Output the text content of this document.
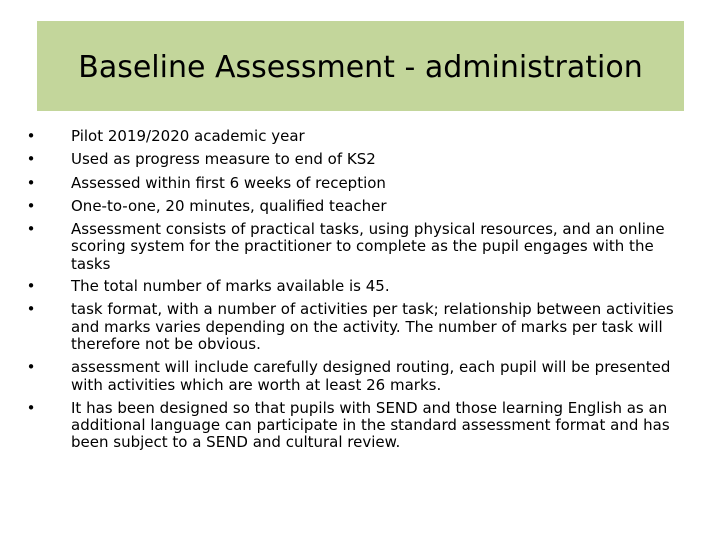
Baseline Assessment - administration
• Pilot 2019/2020 academic year
• Used as progress measure to end of KS2
• Assessed within first 6 weeks of reception
• One-to-one, 20 minutes, qualified teacher
• Assessment consists of practical tasks, using physical resources, and an online scoring system for the practitioner to complete as the pupil engages with the tasks
• The total number of marks available is 45.
• task format, with a number of activities per task; relationship between activities and marks varies depending on the activity. The number of marks per task will therefore not be obvious.
• assessment will include carefully designed routing, each pupil will be presented with activities which are worth at least 26 marks.
• It has been designed so that pupils with SEND and those learning English as an additional language can participate in the standard assessment format and has been subject to a SEND and cultural review.
